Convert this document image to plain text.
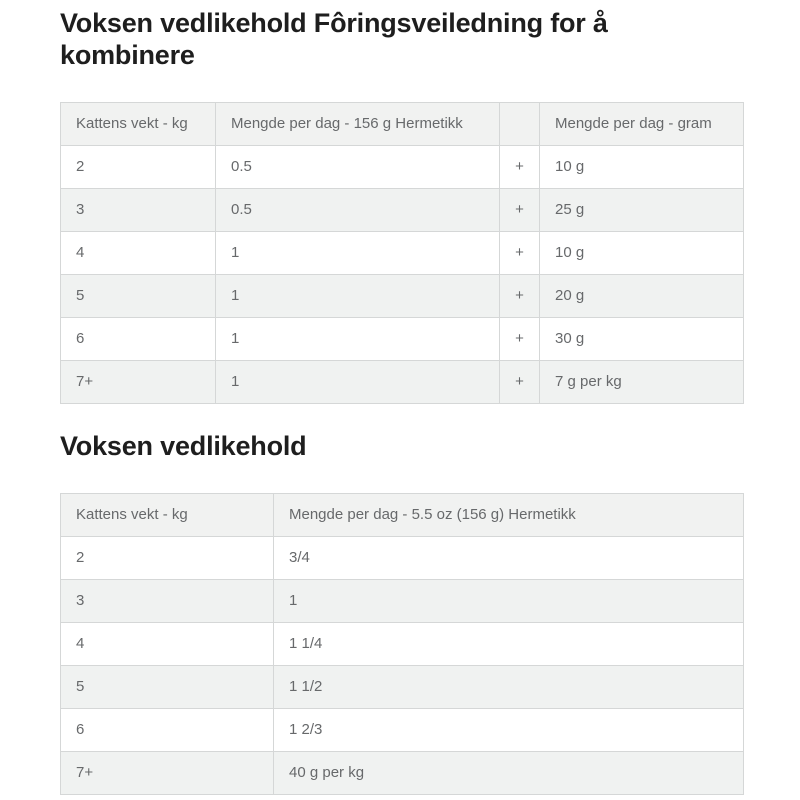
Voksen vedlikehold Fôringsveiledning for å kombinere
Kattens vekt - kg	Mengde per dag - 156 g Hermetikk		Mengde per dag - gram
2	0.5	+	10 g
3	0.5	+	25 g
4	1	+	10 g
5	1	+	20 g
6	1	+	30 g
7+	1	+	7 g per kg
Voksen vedlikehold
Kattens vekt - kg	Mengde per dag - 5.5 oz (156 g) Hermetikk
2	3/4
3	1
4	1 1/4
5	1 1/2
6	1 2/3
7+	40 g per kg
